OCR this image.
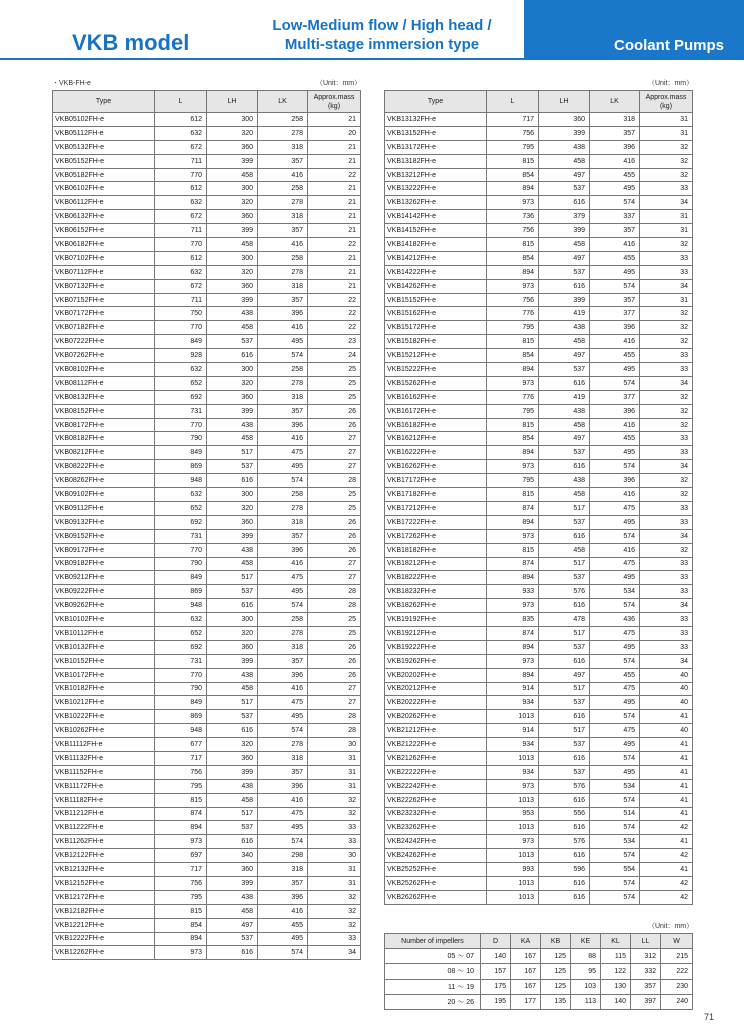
VKB model
Low-Medium flow / High head /
Multi-stage immersion type	Coolant Pumps
・VKB-FH-e	（Unit：mm）	（Unit：mm）
Type	L	LH	LK	Approx.mass
(kg)

VKB05102FH-e	612	300	258	21
VKB05112FH-e	632	320	278	20
VKB05132FH-e	672	360	318	21
VKB05152FH-e	711	399	357	21
VKB05182FH-e	770	458	416	22
VKB06102FH-e	612	300	258	21
VKB06112FH-e	632	320	278	21
VKB06132FH-e	672	360	318	21
VKB06152FH-e	711	399	357	21
VKB06182FH-e	770	458	416	22
VKB07102FH-e	612	300	258	21
VKB07112FH-e	632	320	278	21
VKB07132FH-e	672	360	318	21
VKB07152FH-e	711	399	357	22
VKB07172FH-e	750	438	396	22
VKB07182FH-e	770	458	416	22
VKB07222FH-e	849	537	495	23
VKB07262FH-e	928	616	574	24
VKB08102FH-e	632	300	258	25
VKB08112FH-e	652	320	278	25
VKB08132FH-e	692	360	318	25
VKB08152FH-e	731	399	357	26
VKB08172FH-e	770	438	396	26
VKB08182FH-e	790	458	416	27
VKB08212FH-e	849	517	475	27
VKB08222FH-e	869	537	495	27
VKB08262FH-e	948	616	574	28
VKB09102FH-e	632	300	258	25
VKB09112FH-e	652	320	278	25
VKB09132FH-e	692	360	318	26
VKB09152FH-e	731	399	357	26
VKB09172FH-e	770	438	396	26
VKB09182FH-e	790	458	416	27
VKB09212FH-e	849	517	475	27
VKB09222FH-e	869	537	495	28
VKB09262FH-e	948	616	574	28
VKB10102FH-e	632	300	258	25
VKB10112FH-e	652	320	278	25
VKB10132FH-e	692	360	318	26
VKB10152FH-e	731	399	357	26
VKB10172FH-e	770	438	396	26
VKB10182FH-e	790	458	416	27
VKB10212FH-e	849	517	475	27
VKB10222FH-e	869	537	495	28
VKB10262FH-e	948	616	574	28
VKB11112FH-e	677	320	278	30
VKB11132FH-e	717	360	318	31
VKB11152FH-e	756	399	357	31
VKB11172FH-e	795	438	396	31
VKB11182FH-e	815	458	416	32
VKB11212FH-e	874	517	475	32
VKB11222FH-e	894	537	495	33
VKB11262FH-e	973	616	574	33
VKB12122FH-e	697	340	298	30
VKB12132FH-e	717	360	318	31
VKB12152FH-e	756	399	357	31
VKB12172FH-e	795	438	396	32
VKB12182FH-e	815	458	416	32
VKB12212FH-e	854	497	455	32
VKB12222FH-e	894	537	495	33
VKB12262FH-e	973	616	574	34
Type	L	LH	LK	Approx.mass
(kg)

VKB13132FH-e	717	360	318	31
VKB13152FH-e	756	399	357	31
VKB13172FH-e	795	438	396	32
VKB13182FH-e	815	458	416	32
VKB13212FH-e	854	497	455	32
VKB13222FH-e	894	537	495	33
VKB13262FH-e	973	616	574	34
VKB14142FH-e	736	379	337	31
VKB14152FH-e	756	399	357	31
VKB14182FH-e	815	458	416	32
VKB14212FH-e	854	497	455	33
VKB14222FH-e	894	537	495	33
VKB14262FH-e	973	616	574	34
VKB15152FH-e	756	399	357	31
VKB15162FH-e	776	419	377	32
VKB15172FH-e	795	438	396	32
VKB15182FH-e	815	458	416	32
VKB15212FH-e	854	497	455	33
VKB15222FH-e	894	537	495	33
VKB15262FH-e	973	616	574	34
VKB16162FH-e	776	419	377	32
VKB16172FH-e	795	438	396	32
VKB16182FH-e	815	458	416	32
VKB16212FH-e	854	497	455	33
VKB16222FH-e	894	537	495	33
VKB16262FH-e	973	616	574	34
VKB17172FH-e	795	438	396	32
VKB17182FH-e	815	458	416	32
VKB17212FH-e	874	517	475	33
VKB17222FH-e	894	537	495	33
VKB17262FH-e	973	616	574	34
VKB18182FH-e	815	458	416	32
VKB18212FH-e	874	517	475	33
VKB18222FH-e	894	537	495	33
VKB18232FH-e	933	576	534	33
VKB18262FH-e	973	616	574	34
VKB19192FH-e	835	478	436	33
VKB19212FH-e	874	517	475	33
VKB19222FH-e	894	537	495	33
VKB19262FH-e	973	616	574	34
VKB20202FH-e	894	497	455	40
VKB20212FH-e	914	517	475	40
VKB20222FH-e	934	537	495	40
VKB20262FH-e	1013	616	574	41
VKB21212FH-e	914	517	475	40
VKB21222FH-e	934	537	495	41
VKB21262FH-e	1013	616	574	41
VKB22222FH-e	934	537	495	41
VKB22242FH-e	973	576	534	41
VKB22262FH-e	1013	616	574	41
VKB23232FH-e	953	556	514	41
VKB23262FH-e	1013	616	574	42
VKB24242FH-e	973	576	534	41
VKB24262FH-e	1013	616	574	42
VKB25252FH-e	993	596	554	41
VKB25262FH-e	1013	616	574	42
VKB26262FH-e	1013	616	574	42
（Unit：mm）
Number of impellers	D	KA	KB	KE	KL	LL	W
05 〜 07	140	167	125	88	115	312	215
08 〜 10	157	167	125	95	122	332	222
11 〜 19	175	167	125	103	130	357	230
20 〜 26	195	177	135	113	140	397	240
71
